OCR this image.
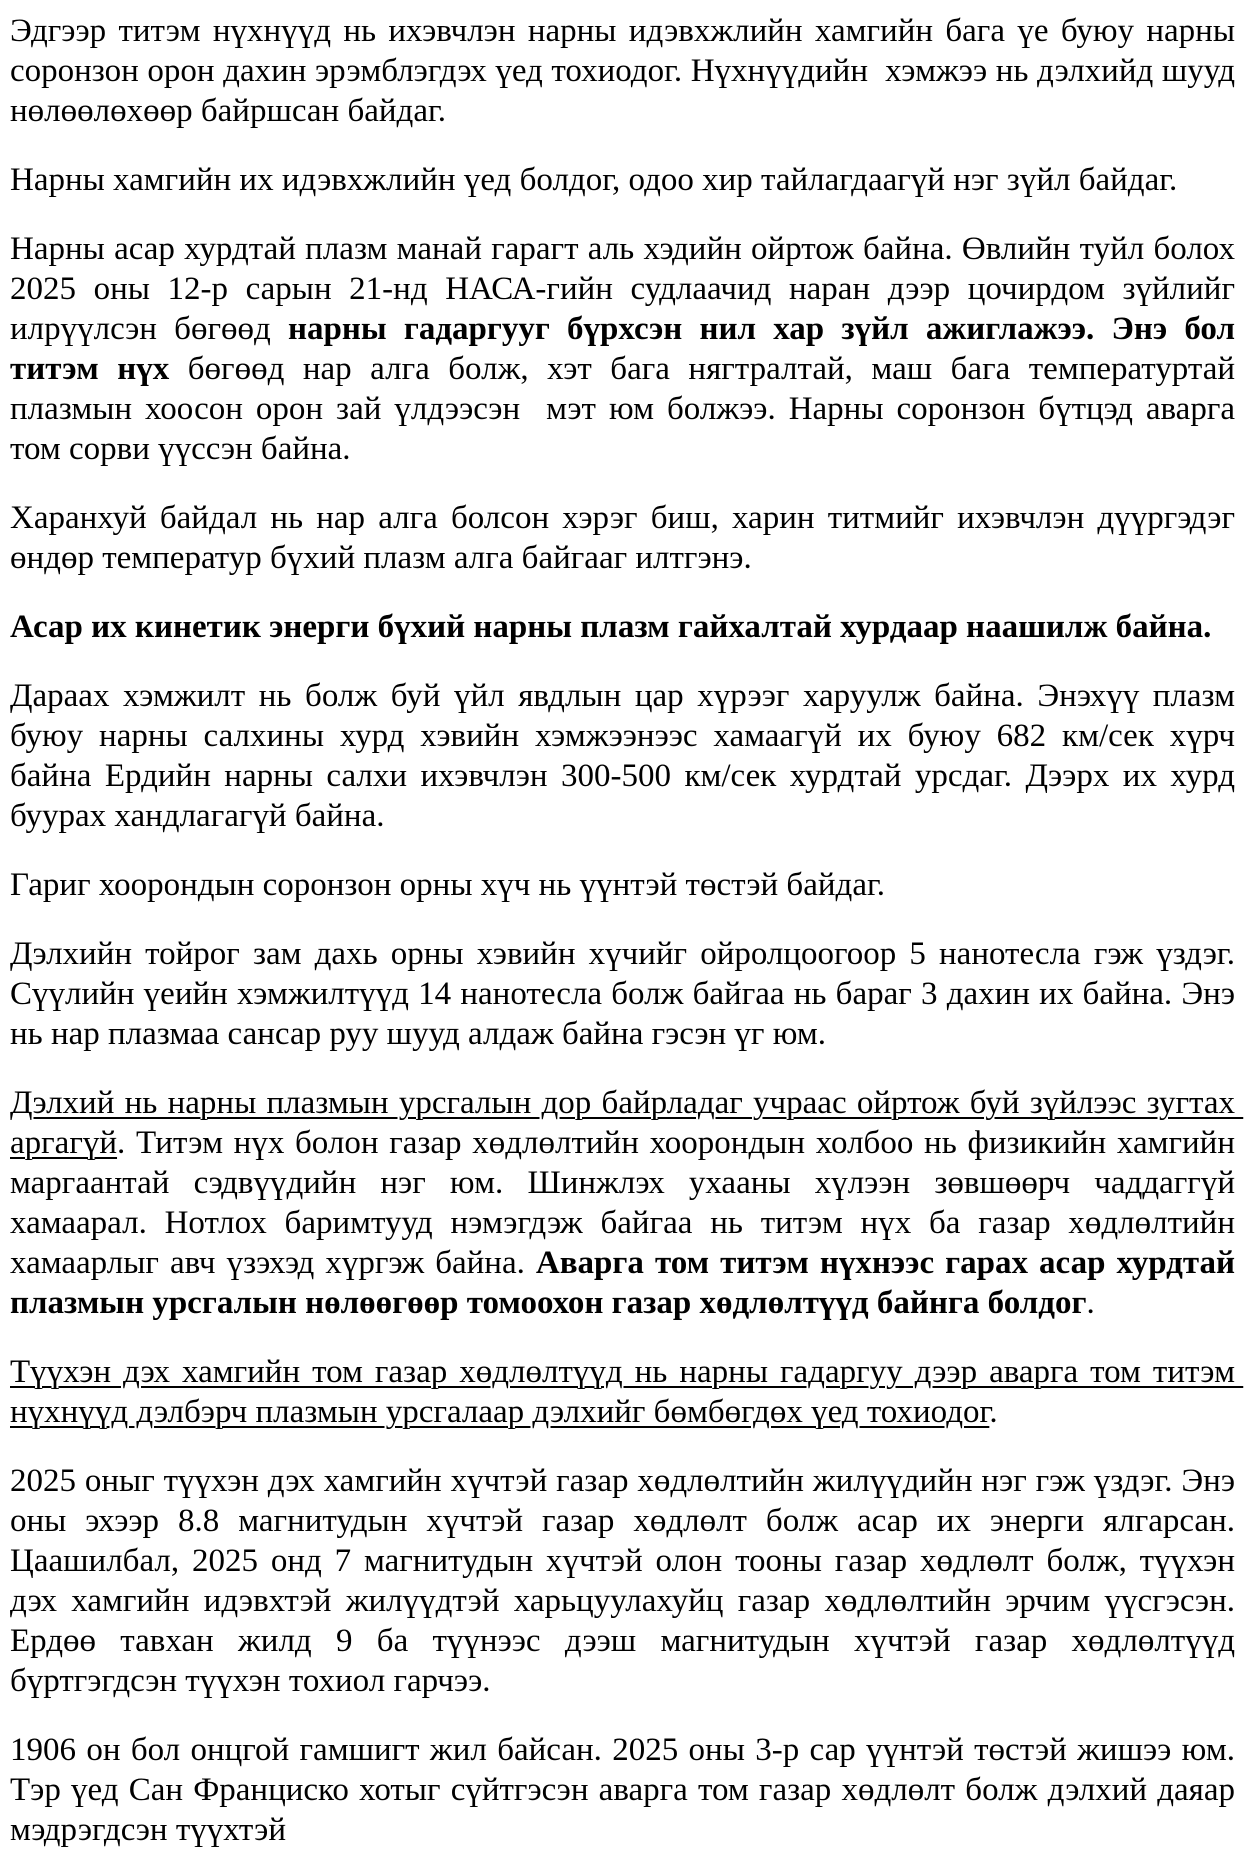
Эдгээр титэм нүхнүүд нь ихэвчлэн нарны идэвхжлийн хамгийн бага үе буюу нарны соронзон орон дахин эрэмблэгдэх үед тохиодог. Нүхнүүдийн  хэмжээ нь дэлхийд шууд нөлөөлөхөөр байршсан байдаг.

Нарны хамгийн их идэвхжлийн үед болдог, одоо хир тайлагдаагүй нэг зүйл байдаг.

Нарны асар хурдтай плазм манай гарагт аль хэдийн ойртож байна. Өвлийн туйл болох 2025 оны 12-р сарын 21-нд НАСА-гийн судлаачид наран дээр цочирдом зүйлийг илрүүлсэн бөгөөд нарны гадаргууг бүрхсэн нил хар зүйл ажиглажээ. Энэ бол титэм нүх бөгөөд нар алга болж, хэт бага нягтралтай, маш бага температуртай плазмын хоосон орон зай үлдээсэн  мэт юм болжээ. Нарны соронзон бүтцэд аварга том сорви үүссэн байна.

Харанхуй байдал нь нар алга болсон хэрэг биш, харин титмийг ихэвчлэн дүүргэдэг өндөр температур бүхий плазм алга байгааг илтгэнэ.

Асар их кинетик энерги бүхий нарны плазм гайхалтай хурдаар наашилж байна.

Дараах хэмжилт нь болж буй үйл явдлын цар хүрээг харуулж байна. Энэхүү плазм буюу нарны салхины хурд хэвийн хэмжээнээс хамаагүй их буюу 682 км/сек хүрч байна Ердийн нарны салхи ихэвчлэн 300-500 км/сек хурдтай урсдаг. Дээрх их хурд буурах хандлагагүй байна.

Гариг хоорондын соронзон орны хүч нь үүнтэй төстэй байдаг.

Дэлхийн тойрог зам дахь орны хэвийн хүчийг ойролцоогоор 5 нанотесла гэж үздэг. Сүүлийн үеийн хэмжилтүүд 14 нанотесла болж байгаа нь бараг 3 дахин их байна. Энэ нь нар плазмаа сансар руу шууд алдаж байна гэсэн үг юм.

Дэлхий нь нарны плазмын урсгалын дор байрладаг учраас ойртож буй зүйлээс зугтах аргагүй. Титэм нүх болон газар хөдлөлтийн хоорондын холбоо нь физикийн хамгийн маргаантай сэдвүүдийн нэг юм. Шинжлэх ухааны хүлээн зөвшөөрч чаддаггүй хамаарал. Нотлох баримтууд нэмэгдэж байгаа нь титэм нүх ба газар хөдлөлтийн хамаарлыг авч үзэхэд хүргэж байна. Аварга том титэм нүхнээс гарах асар хурдтай плазмын урсгалын нөлөөгөөр томоохон газар хөдлөлтүүд байнга болдог.

Түүхэн дэх хамгийн том газар хөдлөлтүүд нь нарны гадаргуу дээр аварга том титэм нүхнүүд дэлбэрч плазмын урсгалаар дэлхийг бөмбөгдөх үед тохиодог.

2025 оныг түүхэн дэх хамгийн хүчтэй газар хөдлөлтийн жилүүдийн нэг гэж үздэг. Энэ оны эхээр 8.8 магнитудын хүчтэй газар хөдлөлт болж асар их энерги ялгарсан. Цаашилбал, 2025 онд 7 магнитудын хүчтэй олон тооны газар хөдлөлт болж, түүхэн дэх хамгийн идэвхтэй жилүүдтэй харьцуулахуйц газар хөдлөлтийн эрчим үүсгэсэн. Ердөө тавхан жилд 9 ба түүнээс дээш магнитудын хүчтэй газар хөдлөлтүүд бүртгэгдсэн түүхэн тохиол гарчээ.

1906 он бол онцгой гамшигт жил байсан. 2025 оны 3-р сар үүнтэй төстэй жишээ юм. Тэр үед Сан Франциско хотыг сүйтгэсэн аварга том газар хөдлөлт болж дэлхий даяар мэдрэгдсэн түүхтэй
